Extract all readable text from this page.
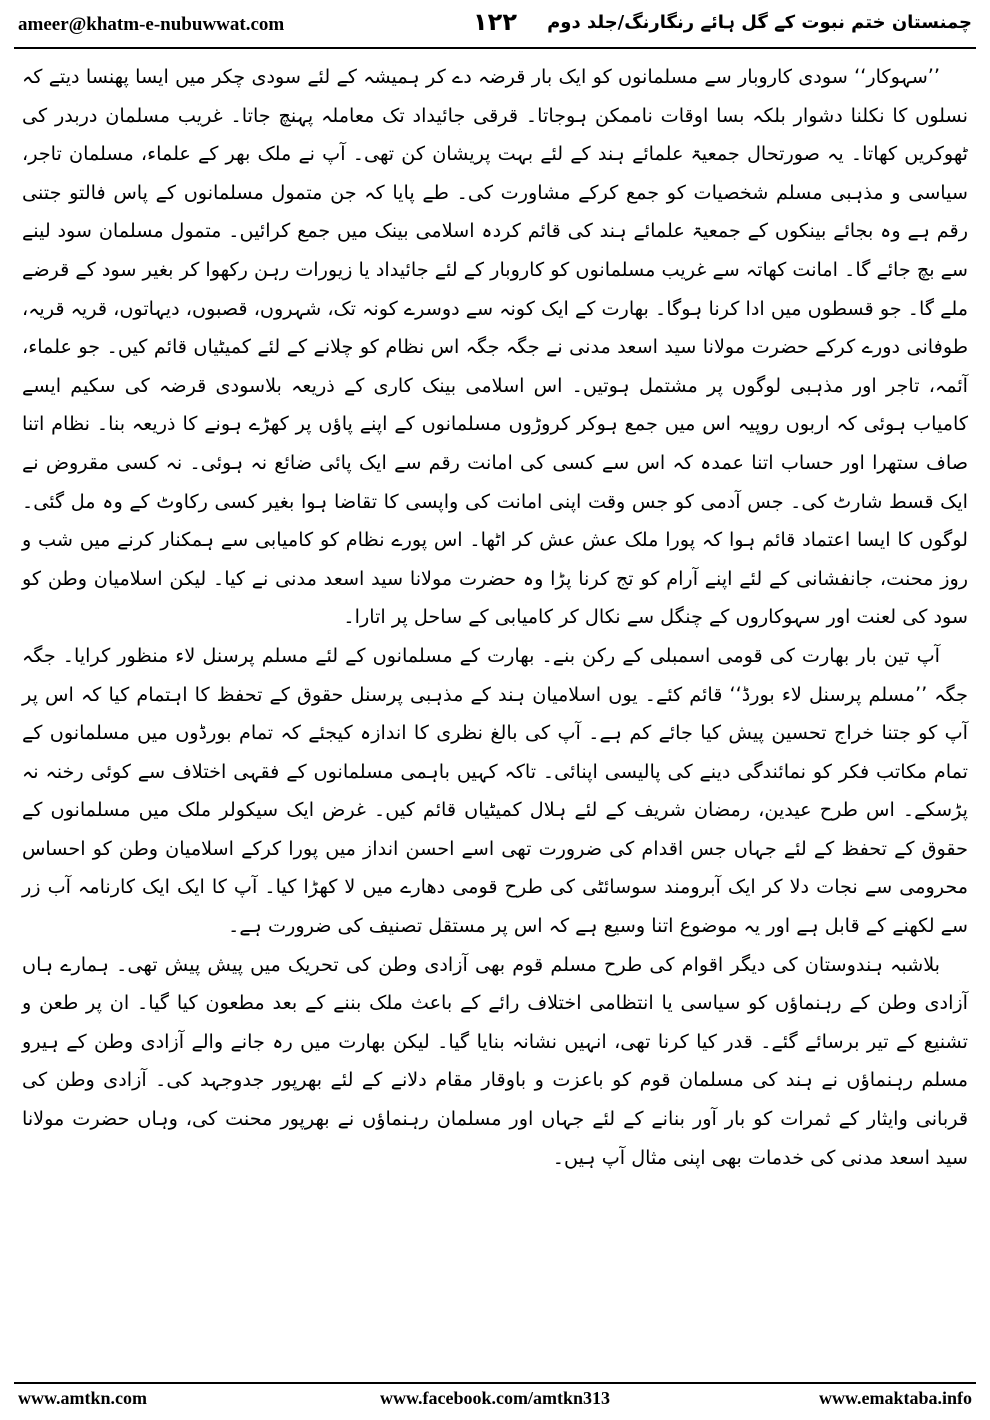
ameer@khatm-e-nubuwwat.com	۱۲۲	چمنستان ختم نبوت کے گل ہائے رنگارنگ/جلد دوم

’’سہوکار‘‘ سودی کاروبار سے مسلمانوں کو ایک بار قرضہ دے کر ہمیشہ کے لئے سودی چکر میں ایسا پھنسا دیتے کہ نسلوں کا نکلنا دشوار بلکہ بسا اوقات ناممکن ہوجاتا۔ قرقی جائیداد تک معاملہ پہنچ جاتا۔ غریب مسلمان دربدر کی ٹھوکریں کھاتا۔ یہ صورتحال جمعیۃ علمائے ہند کے لئے بہت پریشان کن تھی۔ آپ نے ملک بھر کے علماء، مسلمان تاجر، سیاسی و مذہبی مسلم شخصیات کو جمع کرکے مشاورت کی۔ طے پایا کہ جن متمول مسلمانوں کے پاس فالتو جتنی رقم ہے وہ بجائے بینکوں کے جمعیۃ علمائے ہند کی قائم کردہ اسلامی بینک میں جمع کرائیں۔ متمول مسلمان سود لینے سے بچ جائے گا۔ امانت کھاتہ سے غریب مسلمانوں کو کاروبار کے لئے جائیداد یا زیورات رہن رکھوا کر بغیر سود کے قرضے ملے گا۔ جو قسطوں میں ادا کرنا ہوگا۔ بھارت کے ایک کونہ سے دوسرے کونہ تک، شہروں، قصبوں، دیہاتوں، قریہ قریہ، طوفانی دورے کرکے حضرت مولانا سید اسعد مدنی نے جگہ جگہ اس نظام کو چلانے کے لئے کمیٹیاں قائم کیں۔ جو علماء، آئمہ، تاجر اور مذہبی لوگوں پر مشتمل ہوتیں۔ اس اسلامی بینک کاری کے ذریعہ بلاسودی قرضہ کی سکیم ایسے کامیاب ہوئی کہ اربوں روپیہ اس میں جمع ہوکر کروڑوں مسلمانوں کے اپنے پاؤں پر کھڑے ہونے کا ذریعہ بنا۔ نظام اتنا صاف ستھرا اور حساب اتنا عمدہ کہ اس سے کسی کی امانت رقم سے ایک پائی ضائع نہ ہوئی۔ نہ کسی مقروض نے ایک قسط شارٹ کی۔ جس آدمی کو جس وقت اپنی امانت کی واپسی کا تقاضا ہوا بغیر کسی رکاوٹ کے وہ مل گئی۔ لوگوں کا ایسا اعتماد قائم ہوا کہ پورا ملک عش عش کر اٹھا۔ اس پورے نظام کو کامیابی سے ہمکنار کرنے میں شب و روز محنت، جانفشانی کے لئے اپنے آرام کو تج کرنا پڑا وہ حضرت مولانا سید اسعد مدنی نے کیا۔ لیکن اسلامیان وطن کو سود کی لعنت اور سہوکاروں کے چنگل سے نکال کر کامیابی کے ساحل پر اتارا۔

آپ تین بار بھارت کی قومی اسمبلی کے رکن بنے۔ بھارت کے مسلمانوں کے لئے مسلم پرسنل لاء منظور کرایا۔ جگہ جگہ ’’مسلم پرسنل لاء بورڈ‘‘ قائم کئے۔ یوں اسلامیان ہند کے مذہبی پرسنل حقوق کے تحفظ کا اہتمام کیا کہ اس پر آپ کو جتنا خراج تحسین پیش کیا جائے کم ہے۔ آپ کی بالغ نظری کا اندازہ کیجئے کہ تمام بورڈوں میں مسلمانوں کے تمام مکاتب فکر کو نمائندگی دینے کی پالیسی اپنائی۔ تاکہ کہیں باہمی مسلمانوں کے فقہی اختلاف سے کوئی رخنہ نہ پڑسکے۔ اس طرح عیدین، رمضان شریف کے لئے ہلال کمیٹیاں قائم کیں۔ غرض ایک سیکولر ملک میں مسلمانوں کے حقوق کے تحفظ کے لئے جہاں جس اقدام کی ضرورت تھی اسے احسن انداز میں پورا کرکے اسلامیان وطن کو احساس محرومی سے نجات دلا کر ایک آبرومند سوسائٹی کی طرح قومی دھارے میں لا کھڑا کیا۔ آپ کا ایک ایک کارنامہ آب زر سے لکھنے کے قابل ہے اور یہ موضوع اتنا وسیع ہے کہ اس پر مستقل تصنیف کی ضرورت ہے۔

بلاشبہ ہندوستان کی دیگر اقوام کی طرح مسلم قوم بھی آزادی وطن کی تحریک میں پیش پیش تھی۔ ہمارے ہاں آزادی وطن کے رہنماؤں کو سیاسی یا انتظامی اختلاف رائے کے باعث ملک بننے کے بعد مطعون کیا گیا۔ ان پر طعن و تشنیع کے تیر برسائے گئے۔ قدر کیا کرنا تھی، انہیں نشانہ بنایا گیا۔ لیکن بھارت میں رہ جانے والے آزادی وطن کے ہیرو مسلم رہنماؤں نے ہند کی مسلمان قوم کو باعزت و باوقار مقام دلانے کے لئے بھرپور جدوجہد کی۔ آزادی وطن کی قربانی وایثار کے ثمرات کو بار آور بنانے کے لئے جہاں اور مسلمان رہنماؤں نے بھرپور محنت کی، وہاں حضرت مولانا سید اسعد مدنی کی خدمات بھی اپنی مثال آپ ہیں۔

www.amtkn.com	www.facebook.com/amtkn313	www.emaktaba.info
